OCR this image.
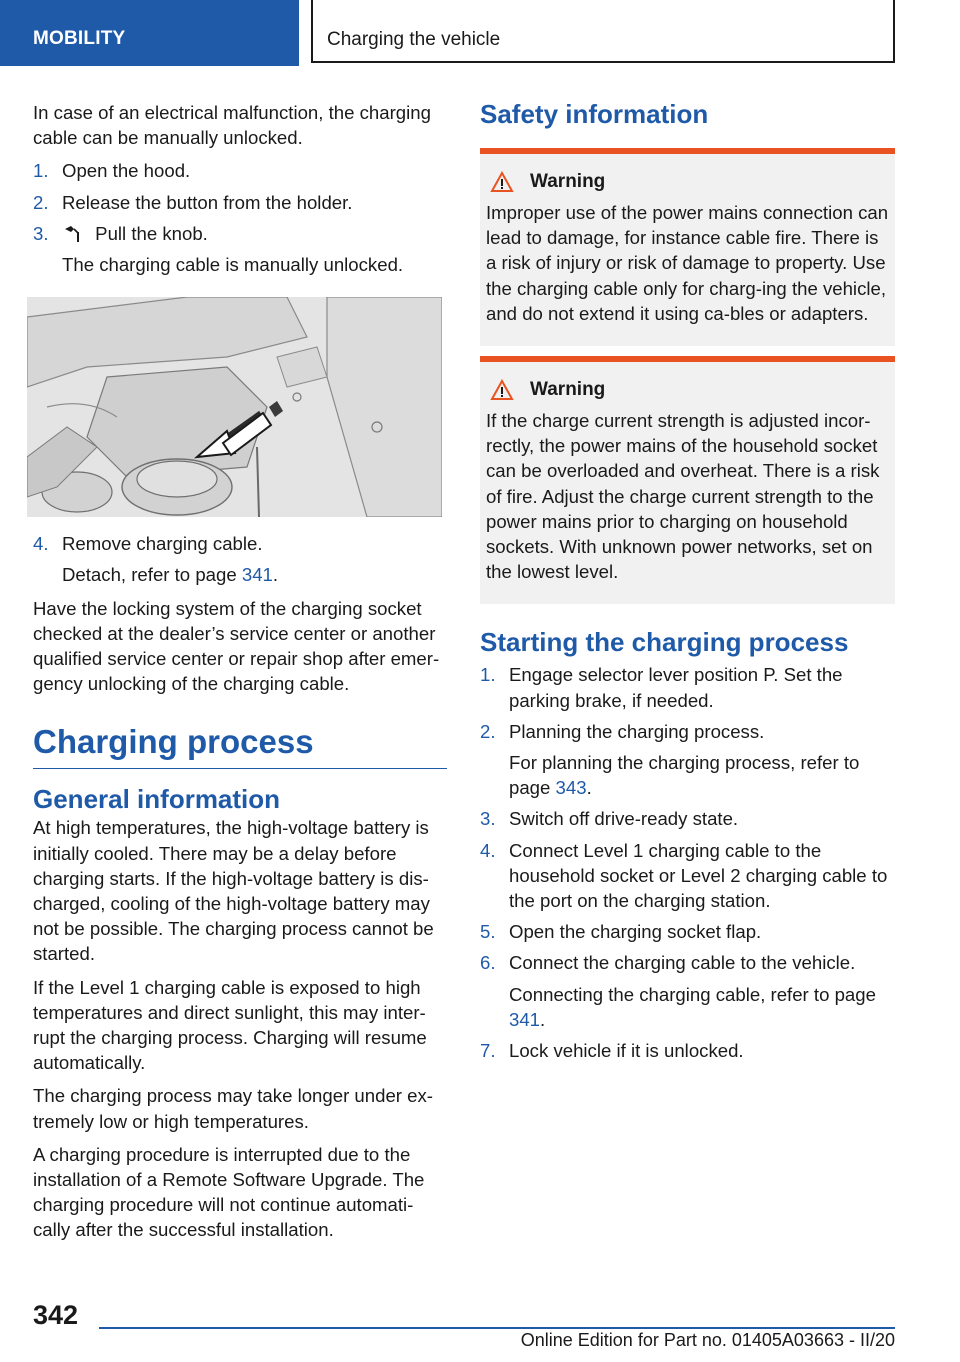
MOBILITY	Charging the vehicle

In case of an electrical malfunction, the charging cable can be manually unlocked.

1. Open the hood.
2. Release the button from the holder.
3.	Pull the knob.
The charging cable is manually unlocked.
4. Remove charging cable.
Detach, refer to page 341.

Have the locking system of the charging socket checked at the dealer’s service center or another qualified service center or repair shop after emer-gency unlocking of the charging cable.

Charging process
General information

At high temperatures, the high-voltage battery is initially cooled. There may be a delay before charging starts. If the high-voltage battery is dis-charged, cooling of the high-voltage battery may not be possible. The charging process cannot be started.

If the Level 1 charging cable is exposed to high temperatures and direct sunlight, this may inter-rupt the charging process. Charging will resume automatically.

The charging process may take longer under ex-tremely low or high temperatures.

A charging procedure is interrupted due to the installation of a Remote Software Upgrade. The charging procedure will not continue automati-cally after the successful installation.

Safety information
Warning

Improper use of the power mains connection can lead to damage, for instance cable fire. There is a risk of injury or risk of damage to property. Use the charging cable only for charg-ing the vehicle, and do not extend it using ca-bles or adapters.

Warning

If the charge current strength is adjusted incor-rectly, the power mains of the household socket can be overloaded and overheat. There is a risk of fire. Adjust the charge current strength to the power mains prior to charging on household sockets. With unknown power networks, set on the lowest level.

Starting the charging process
1. Engage selector lever position P. Set the parking brake, if needed.
2. Planning the charging process.
For planning the charging process, refer to page 343.
3. Switch off drive-ready state.
4. Connect Level 1 charging cable to the household socket or Level 2 charging cable to the port on the charging station.
5. Open the charging socket flap.
6. Connect the charging cable to the vehicle.
Connecting the charging cable, refer to page 341.
7. Lock vehicle if it is unlocked.
342
Online Edition for Part no. 01405A03663 - II/20
